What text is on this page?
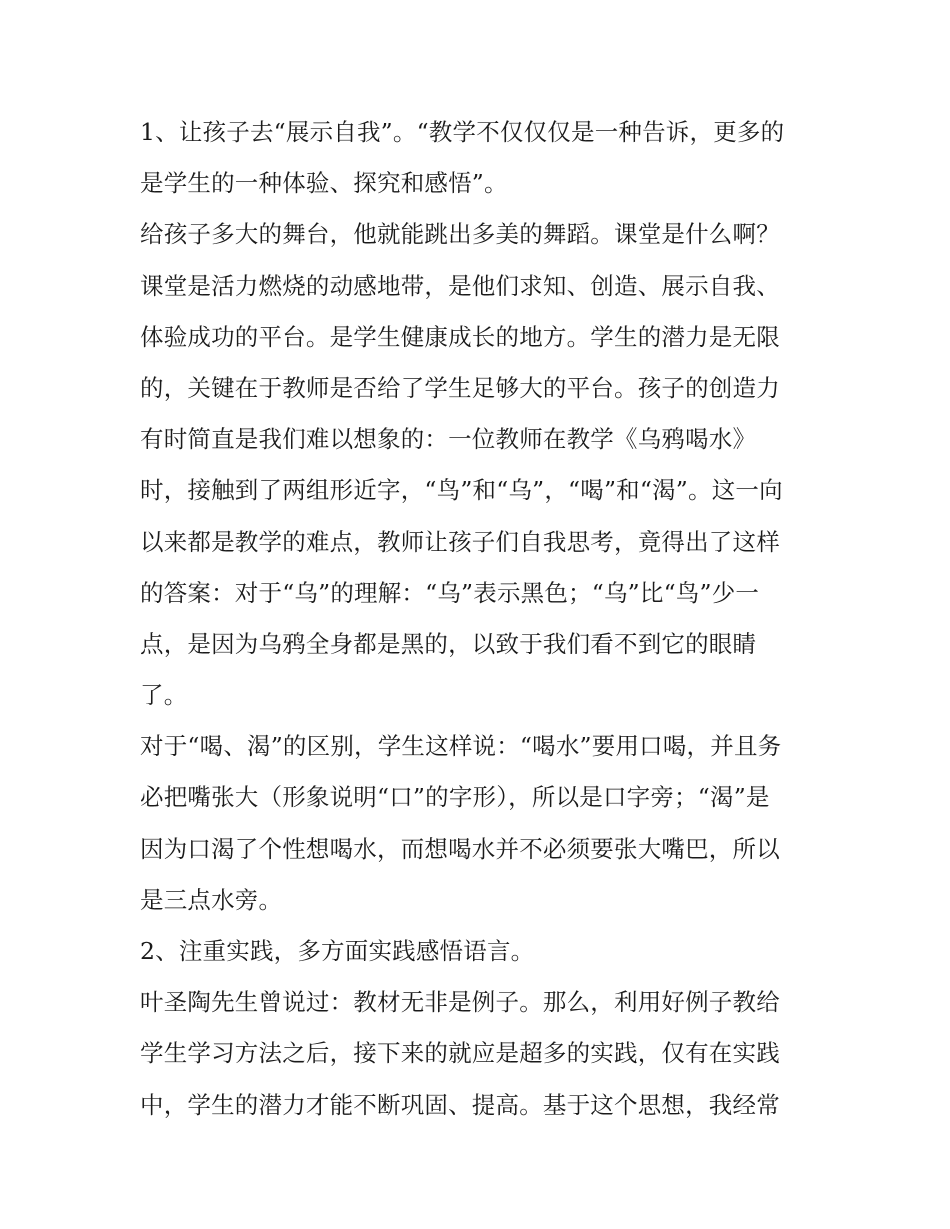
1、让孩子去“展示自我”。“教学不仅仅仅是一种告诉，更多的
是学生的一种体验、探究和感悟”。
给孩子多大的舞台，他就能跳出多美的舞蹈。课堂是什么啊？
课堂是活力燃烧的动感地带，是他们求知、创造、展示自我、
体验成功的平台。是学生健康成长的地方。学生的潜力是无限
的，关键在于教师是否给了学生足够大的平台。孩子的创造力
有时简直是我们难以想象的：一位教师在教学《乌鸦喝水》
时，接触到了两组形近字，“鸟”和“乌”，“喝”和“渴”。这一向
以来都是教学的难点，教师让孩子们自我思考，竟得出了这样
的答案：对于“乌”的理解：“乌”表示黑色；“乌”比“鸟”少一
点，是因为乌鸦全身都是黑的，以致于我们看不到它的眼睛
了。
对于“喝、渴”的区别，学生这样说：“喝水”要用口喝，并且务
必把嘴张大（形象说明“口”的字形），所以是口字旁；“渴”是
因为口渴了个性想喝水，而想喝水并不必须要张大嘴巴，所以
是三点水旁。
2、注重实践，多方面实践感悟语言。
叶圣陶先生曾说过：教材无非是例子。那么，利用好例子教给
学生学习方法之后，接下来的就应是超多的实践，仅有在实践
中，学生的潜力才能不断巩固、提高。基于这个思想，我经常
